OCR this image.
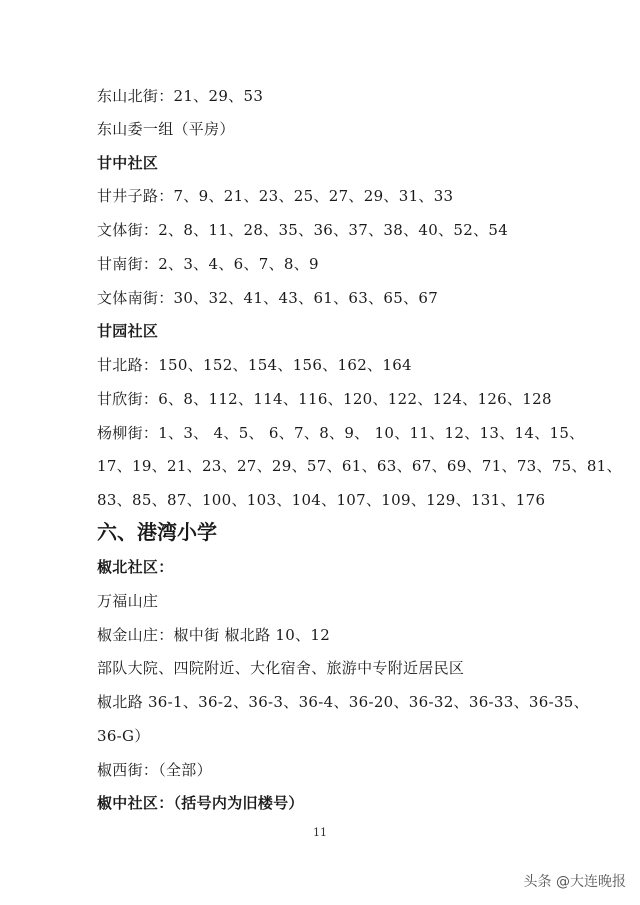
东山北街：21、29、53
东山委一组（平房）
甘中社区
甘井子路：7、9、21、23、25、27、29、31、33
文体街：2、8、11、28、35、36、37、38、40、52、54
甘南街：2、3、4、6、7、8、9
文体南街：30、32、41、43、61、63、65、67
甘园社区
甘北路：150、152、154、156、162、164
甘欣街：6、8、112、114、116、120、122、124、126、128
杨柳街：1、3、 4、5、 6、7、8、9、 10、11、12、13、14、15、
17、19、21、23、27、29、57、61、63、67、69、71、73、75、81、
83、85、87、100、103、104、107、109、129、131、176
六、港湾小学
椒北社区：
万福山庄
椒金山庄：椒中街 椒北路 10、12
部队大院、四院附近、大化宿舍、旅游中专附近居民区
椒北路 36-1、36-2、36-3、36-4、36-20、36-32、36-33、36-35、
36-G）
椒西街：（全部）
椒中社区：（括号内为旧楼号）
11
头条 @大连晚报
